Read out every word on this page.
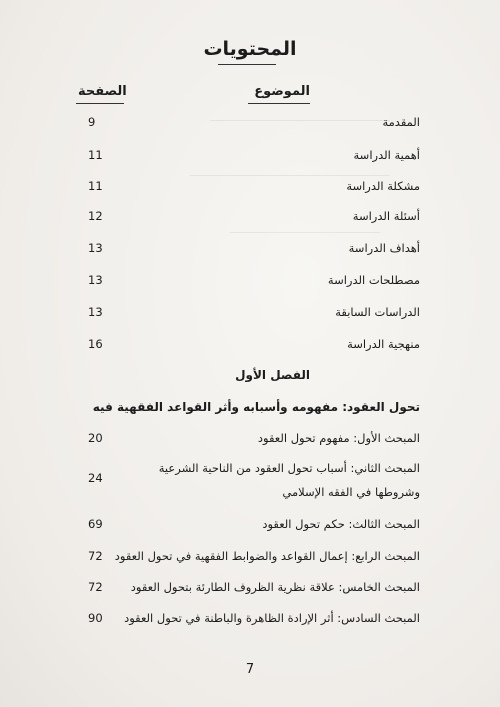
المحتويات
الموضوع
الصفحة
المقدمة
9
أهمية الدراسة
11
مشكلة الدراسة
11
أسئلة الدراسة
12
أهداف الدراسة
13
مصطلحات الدراسة
13
الدراسات السابقة
13
منهجية الدراسة
16
الفصل الأول
تحول العقود: مفهومه وأسبابه وأثر القواعد الفقهية فيه
المبحث الأول: مفهوم تحول العقود
20
المبحث الثاني: أسباب تحول العقود من الناحية الشرعية وشروطها في الفقه الإسلامي
24
المبحث الثالث: حكم تحول العقود
69
المبحث الرابع: إعمال القواعد والضوابط الفقهية في تحول العقود
72
المبحث الخامس: علاقة نظرية الظروف الطارئة بتحول العقود
72
المبحث السادس: أثر الإرادة الظاهرة والباطنة في تحول العقود
90
7
